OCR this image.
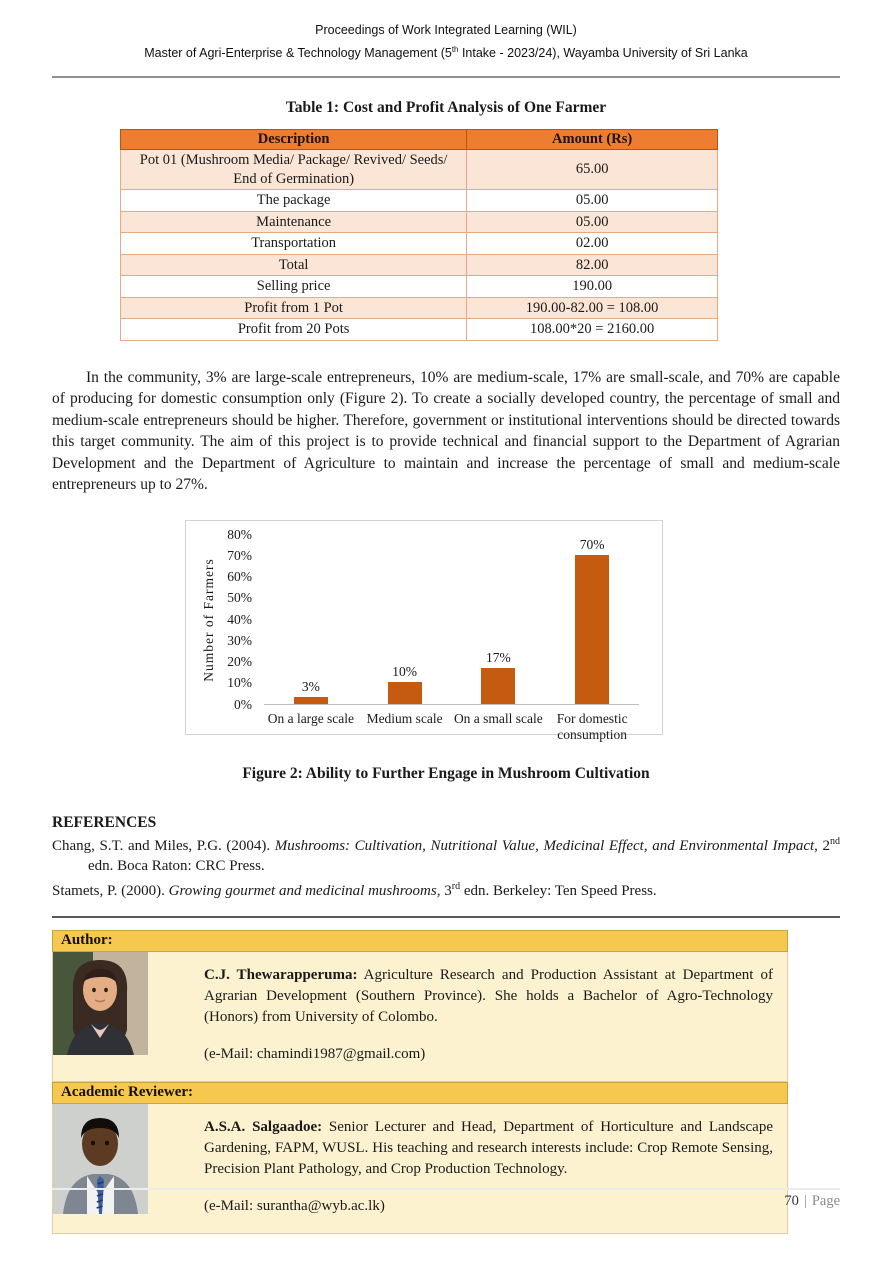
Proceedings of Work Integrated Learning (WIL)
Master of Agri-Enterprise & Technology Management (5th Intake - 2023/24), Wayamba University of Sri Lanka
Table 1: Cost and Profit Analysis of One Farmer
Description	Amount (Rs)
Pot 01 (Mushroom Media/ Package/ Revived/ Seeds/ End of Germination)	65.00
The package	05.00
Maintenance	05.00
Transportation	02.00
Total	82.00
Selling price	190.00
Profit from 1 Pot	190.00-82.00 = 108.00
Profit from 20 Pots	108.00*20 = 2160.00
In the community, 3% are large-scale entrepreneurs, 10% are medium-scale, 17% are small-scale, and 70% are capable of producing for domestic consumption only (Figure 2). To create a socially developed country, the percentage of small and medium-scale entrepreneurs should be higher. Therefore, government or institutional interventions should be directed towards this target community. The aim of this project is to provide technical and financial support to the Department of Agrarian Development and the Department of Agriculture to maintain and increase the percentage of small and medium-scale entrepreneurs up to 27%.
Number of Farmers
0%
10%
20%
30%
40%
50%
60%
70%
80%
3%
10%
17%
70%
On a large scale Medium scale On a small scale	For domestic consumption
Figure 2: Ability to Further Engage in Mushroom Cultivation
REFERENCES
Chang, S.T. and Miles, P.G. (2004). Mushrooms: Cultivation, Nutritional Value, Medicinal Effect, and Environmental Impact, 2nd edn. Boca Raton: CRC Press.
Stamets, P. (2000). Growing gourmet and medicinal mushrooms, 3rd edn. Berkeley: Ten Speed Press.
Author:
C.J. Thewarapperuma: Agriculture Research and Production Assistant at Department of Agrarian Development (Southern Province). She holds a Bachelor of Agro-Technology (Honors) from University of Colombo.
(e-Mail: chamindi1987@gmail.com)
Academic Reviewer:
A.S.A. Salgaadoe: Senior Lecturer and Head, Department of Horticulture and Landscape Gardening, FAPM, WUSL. His teaching and research interests include: Crop Remote Sensing, Precision Plant Pathology, and Crop Production Technology.
(e-Mail: surantha@wyb.ac.lk)	70 | Page
